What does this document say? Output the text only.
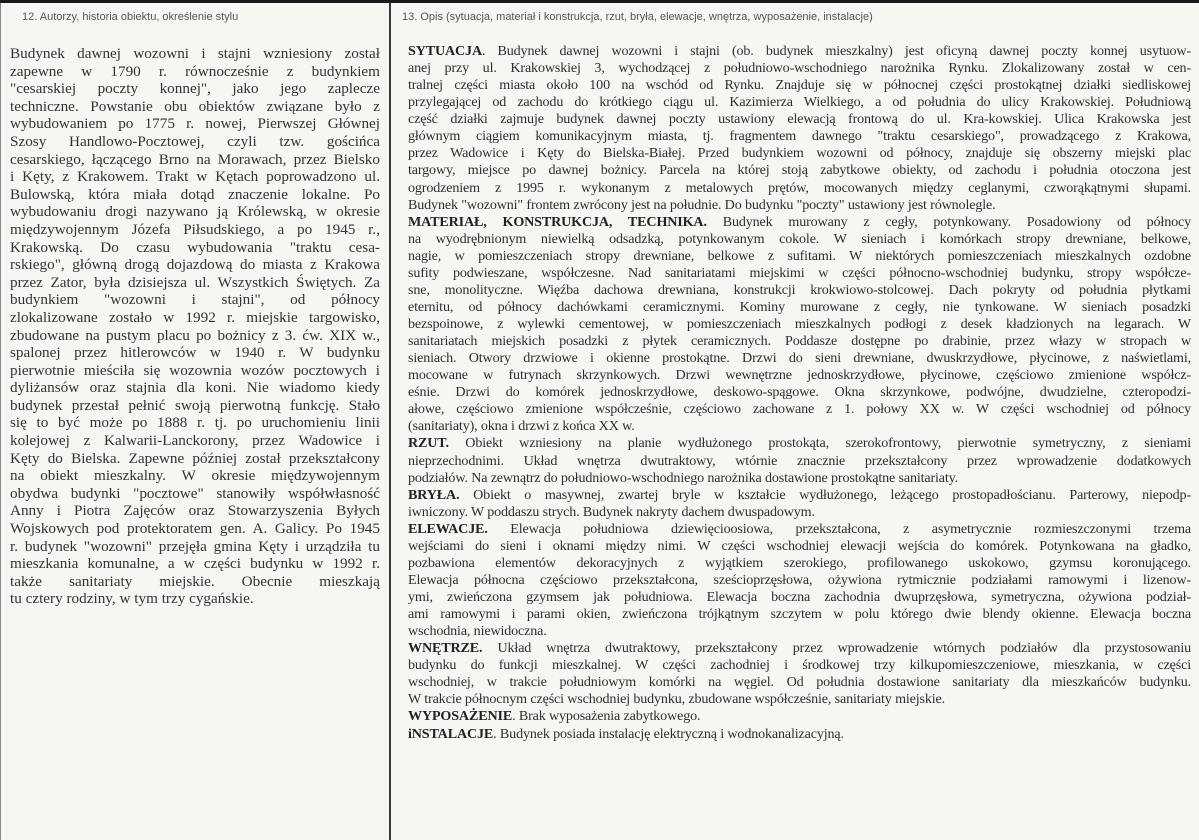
12. Autorzy, historia obiektu, określenie stylu	13. Opis (sytuacja, materiał i konstrukcja, rzut, bryła, elewacje, wnętrza, wyposażenie, instalacje)
Budynek dawnej wozowni i stajni wzniesiony został
zapewne w 1790 r. równocześnie z budynkiem
"cesarskiej poczty konnej", jako jego zaplecze
techniczne. Powstanie obu obiektów związane było z
wybudowaniem po 1775 r. nowej, Pierwszej Głównej
Szosy Handlowo-Pocztowej, czyli tzw. gościńca
cesarskiego, łączącego Brno na Morawach, przez Bielsko
i Kęty, z Krakowem. Trakt w Kętach poprowadzono ul.
Bulowską, która miała dotąd znaczenie lokalne. Po
wybudowaniu drogi nazywano ją Królewską, w okresie
międzywojennym Józefa Piłsudskiego, a po 1945 r.,
Krakowską. Do czasu wybudowania "traktu cesa-
rskiego", główną drogą dojazdową do miasta z Krakowa
przez Zator, była dzisiejsza ul. Wszystkich Świętych. Za
budynkiem "wozowni i stajni", od północy
zlokalizowane zostało w 1992 r. miejskie targowisko,
zbudowane na pustym placu po bożnicy z 3. ćw. XIX w.,
spalonej przez hitlerowców w 1940 r. W budynku
pierwotnie mieściła się wozownia wozów pocztowych i
dyliżansów oraz stajnia dla koni. Nie wiadomo kiedy
budynek przestał pełnić swoją pierwotną funkcję. Stało
się to być może po 1888 r. tj. po uruchomieniu linii
kolejowej z Kalwarii-Lanckorony, przez Wadowice i
Kęty do Bielska. Zapewne później został przekształcony
na obiekt mieszkalny. W okresie międzywojennym
obydwa budynki "pocztowe" stanowiły współwłasność
Anny i Piotra Zajęców oraz Stowarzyszenia Byłych
Wojskowych pod protektoratem gen. A. Galicy. Po 1945
r. budynek "wozowni" przejęła gmina Kęty i urządziła tu
mieszkania komunalne, a w części budynku w 1992 r.
także sanitariaty miejskie. Obecnie mieszkają
tu cztery rodziny, w tym trzy cygańskie.
SYTUACJA. Budynek dawnej wozowni i stajni (ob. budynek mieszkalny) jest oficyną dawnej poczty konnej usytuow-
anej przy ul. Krakowskiej 3, wychodzącej z południowo-wschodniego narożnika Rynku. Zlokalizowany został w cen-
tralnej części miasta około 100 na wschód od Rynku. Znajduje się w północnej części prostokątnej działki siedliskowej
przylegającej od zachodu do krótkiego ciągu ul. Kazimierza Wielkiego, a od południa do ulicy Krakowskiej. Południową
część działki zajmuje budynek dawnej poczty ustawiony elewacją frontową do ul. Kra-kowskiej. Ulica Krakowska jest
głównym ciągiem komunikacyjnym miasta, tj. fragmentem dawnego "traktu cesarskiego", prowadzącego z Krakowa,
przez Wadowice i Kęty do Bielska-Białej. Przed budynkiem wozowni od północy, znajduje się obszerny miejski plac
targowy, miejsce po dawnej bożnicy. Parcela na której stoją zabytkowe obiekty, od zachodu i południa otoczona jest
ogrodzeniem z 1995 r. wykonanym z metalowych prętów, mocowanych między ceglanymi, czworąkątnymi słupami.
Budynek "wozowni" frontem zwrócony jest na południe. Do budynku "poczty" ustawiony jest równolegle.
MATERIAŁ, KONSTRUKCJA, TECHNIKA. Budynek murowany z cegły, potynkowany. Posadowiony od północy
na wyodrębnionym niewielką odsadzką, potynkowanym cokole. W sieniach i komórkach stropy drewniane, belkowe,
nagie, w pomieszczeniach stropy drewniane, belkowe z sufitami. W niektórych pomieszczeniach mieszkalnych ozdobne
sufity podwieszane, współczesne. Nad sanitariatami miejskimi w części północno-wschodniej budynku, stropy współcze-
sne, monolityczne. Więźba dachowa drewniana, konstrukcji krokwiowo-stolcowej. Dach pokryty od południa płytkami
eternitu, od północy dachówkami ceramicznymi. Kominy murowane z cegły, nie tynkowane. W sieniach posadzki
bezspoinowe, z wylewki cementowej, w pomieszczeniach mieszkalnych podłogi z desek kładzionych na legarach. W
sanitariatach miejskich posadzki z płytek ceramicznych. Poddasze dostępne po drabinie, przez włazy w stropach w
sieniach. Otwory drzwiowe i okienne prostokątne. Drzwi do sieni drewniane, dwuskrzydłowe, płycinowe, z naświetlami,
mocowane w futrynach skrzynkowych. Drzwi wewnętrzne jednoskrzydłowe, płycinowe, częściowo zmienione współcz-
eśnie. Drzwi do komórek jednoskrzydłowe, deskowo-spągowe. Okna skrzynkowe, podwójne, dwudzielne, czteropodzi-
ałowe, częściowo zmienione współcześnie, częściowo zachowane z 1. połowy XX w. W części wschodniej od północy
(sanitariaty), okna i drzwi z końca XX w.
RZUT. Obiekt wzniesiony na planie wydłużonego prostokąta, szerokofrontowy, pierwotnie symetryczny, z sieniami
nieprzechodnimi. Układ wnętrza dwutraktowy, wtórnie znacznie przekształcony przez wprowadzenie dodatkowych
podziałów. Na zewnątrz do południowo-wschodniego narożnika dostawione prostokątne sanitariaty.
BRYŁA. Obiekt o masywnej, zwartej bryle w kształcie wydłużonego, leżącego prostopadłościanu. Parterowy, niepodp-
iwniczony. W poddaszu strych. Budynek nakryty dachem dwuspadowym.
ELEWACJE. Elewacja południowa dziewięcioosiowa, przekształcona, z asymetrycznie rozmieszczonymi trzema
wejściami do sieni i oknami między nimi. W części wschodniej elewacji wejścia do komórek. Potynkowana na gładko,
pozbawiona elementów dekoracyjnych z wyjątkiem szerokiego, profilowanego uskokowo, gzymsu koronującego.
Elewacja północna częściowo przekształcona, sześcioprzęsłowa, ożywiona rytmicznie podziałami ramowymi i lizenow-
ymi, zwieńczona gzymsem jak południowa. Elewacja boczna zachodnia dwuprzęsłowa, symetryczna, ożywiona podział-
ami ramowymi i parami okien, zwieńczona trójkątnym szczytem w polu którego dwie blendy okienne. Elewacja boczna
wschodnia, niewidoczna.
WNĘTRZE. Układ wnętrza dwutraktowy, przekształcony przez wprowadzenie wtórnych podziałów dla przystosowaniu
budynku do funkcji mieszkalnej. W części zachodniej i środkowej trzy kilkupomieszczeniowe, mieszkania, w części
wschodniej, w trakcie południowym komórki na węgiel. Od południa dostawione sanitariaty dla mieszkańców budynku.
W trakcie północnym części wschodniej budynku, zbudowane współcześnie, sanitariaty miejskie.
WYPOSAŻENIE. Brak wyposażenia zabytkowego.
iNSTALACJE. Budynek posiada instalację elektryczną i wodnokanalizacyjną.
